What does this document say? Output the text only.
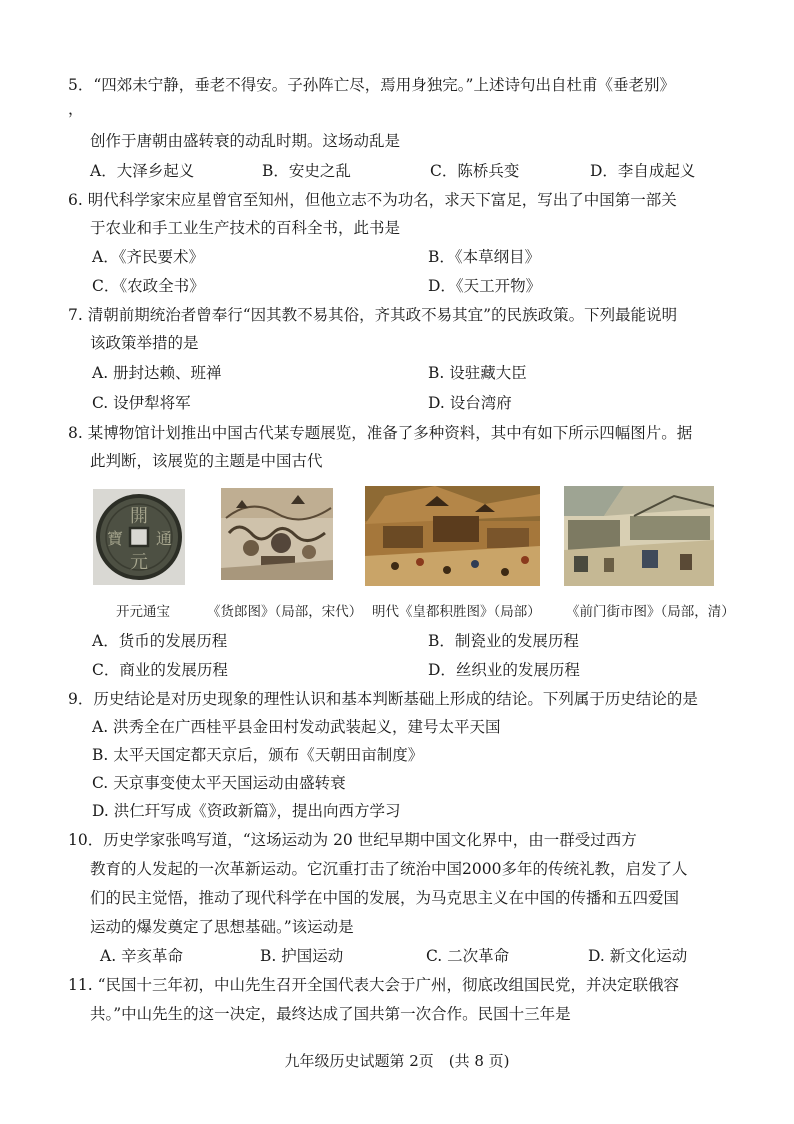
5．“四郊未宁静，垂老不得安。子孙阵亡尽，焉用身独完。”上述诗句出自杜甫《垂老别》
，
创作于唐朝由盛转衰的动乱时期。这场动乱是
A．大泽乡起义	B．安史之乱	C．陈桥兵变	D．李自成起义
6. 明代科学家宋应星曾官至知州，但他立志不为功名，求天下富足，写出了中国第一部关
于农业和手工业生产技术的百科全书，此书是
A．《齐民要术》	B．《本草纲目》
C．《农政全书》	D．《天工开物》
7. 清朝前期统治者曾奉行“因其教不易其俗，齐其政不易其宜”的民族政策。下列最能说明
该政策举措的是
A. 册封达赖、班禅	B. 设驻藏大臣
C. 设伊犁将军	D. 设台湾府
8. 某博物馆计划推出中国古代某专题展览，准备了多种资料，其中有如下所示四幅图片。据
此判断，该展览的主题是中国古代
開
通
元
寶
开元通宝	《货郎图》（局部，宋代） 明代《皇都积胜图》（局部） 《前门街市图》（局部，清）
A．货币的发展历程	B．制瓷业的发展历程
C．商业的发展历程	D．丝织业的发展历程
9．历史结论是对历史现象的理性认识和基本判断基础上形成的结论。下列属于历史结论的是
A. 洪秀全在广西桂平县金田村发动武装起义，建号太平天国
B. 太平天国定都天京后，颁布《天朝田亩制度》
C. 天京事变使太平天国运动由盛转衰
D. 洪仁玕写成《资政新篇》，提出向西方学习
10．历史学家张鸣写道，“这场运动为 20 世纪早期中国文化界中，由一群受过西方
教育的人发起的一次革新运动。它沉重打击了统治中国2000多年的传统礼教，启发了人
们的民主觉悟，推动了现代科学在中国的发展，为马克思主义在中国的传播和五四爱国
运动的爆发奠定了思想基础。”该运动是
A. 辛亥革命	B. 护国运动	C. 二次革命	D. 新文化运动
11. “民国十三年初，中山先生召开全国代表大会于广州，彻底改组国民党，并决定联俄容
共。”中山先生的这一决定，最终达成了国共第一次合作。民国十三年是
九年级历史试题第 2页　(共 8 页)
